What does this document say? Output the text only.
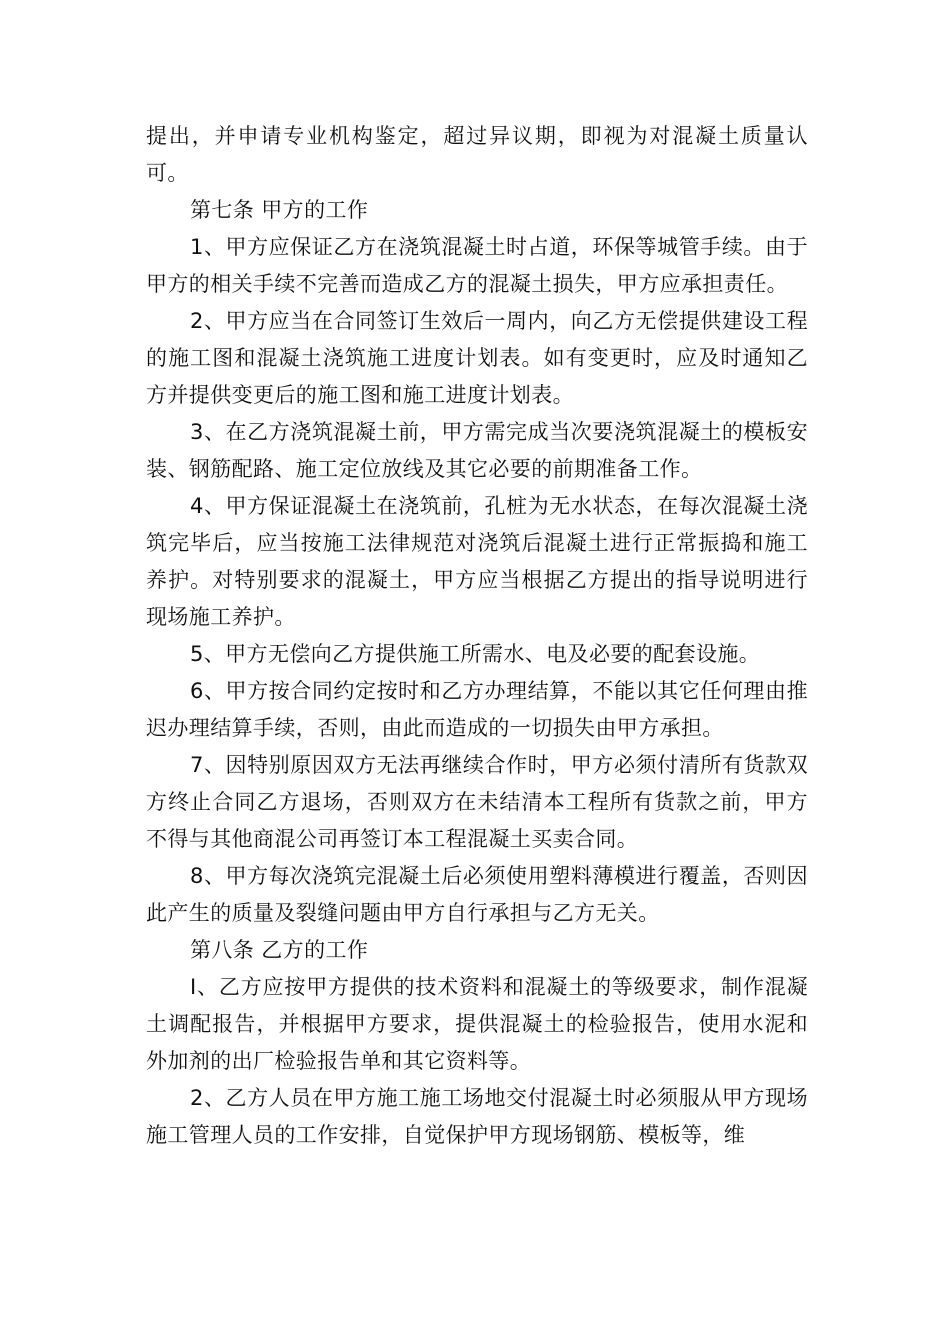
提出，并申请专业机构鉴定，超过异议期，即视为对混凝土质量认可。

第七条 甲方的工作

1、甲方应保证乙方在浇筑混凝土时占道，环保等城管手续。由于甲方的相关手续不完善而造成乙方的混凝土损失，甲方应承担责任。

2、甲方应当在合同签订生效后一周内，向乙方无偿提供建设工程的施工图和混凝土浇筑施工进度计划表。如有变更时，应及时通知乙方并提供变更后的施工图和施工进度计划表。

3、在乙方浇筑混凝土前，甲方需完成当次要浇筑混凝土的模板安装、钢筋配路、施工定位放线及其它必要的前期准备工作。

4、甲方保证混凝土在浇筑前，孔桩为无水状态，在每次混凝土浇筑完毕后，应当按施工法律规范对浇筑后混凝土进行正常振捣和施工养护。对特别要求的混凝土，甲方应当根据乙方提出的指导说明进行现场施工养护。

5、甲方无偿向乙方提供施工所需水、电及必要的配套设施。

6、甲方按合同约定按时和乙方办理结算，不能以其它任何理由推迟办理结算手续，否则，由此而造成的一切损失由甲方承担。

7、因特别原因双方无法再继续合作时，甲方必须付清所有货款双方终止合同乙方退场，否则双方在未结清本工程所有货款之前，甲方不得与其他商混公司再签订本工程混凝土买卖合同。

8、甲方每次浇筑完混凝土后必须使用塑料薄模进行覆盖，否则因此产生的质量及裂缝问题由甲方自行承担与乙方无关。

第八条 乙方的工作

I、乙方应按甲方提供的技术资料和混凝土的等级要求，制作混凝土调配报告，并根据甲方要求，提供混凝土的检验报告，使用水泥和外加剂的出厂检验报告单和其它资料等。

2、乙方人员在甲方施工施工场地交付混凝土时必须服从甲方现场施工管理人员的工作安排，自觉保护甲方现场钢筋、模板等，维
